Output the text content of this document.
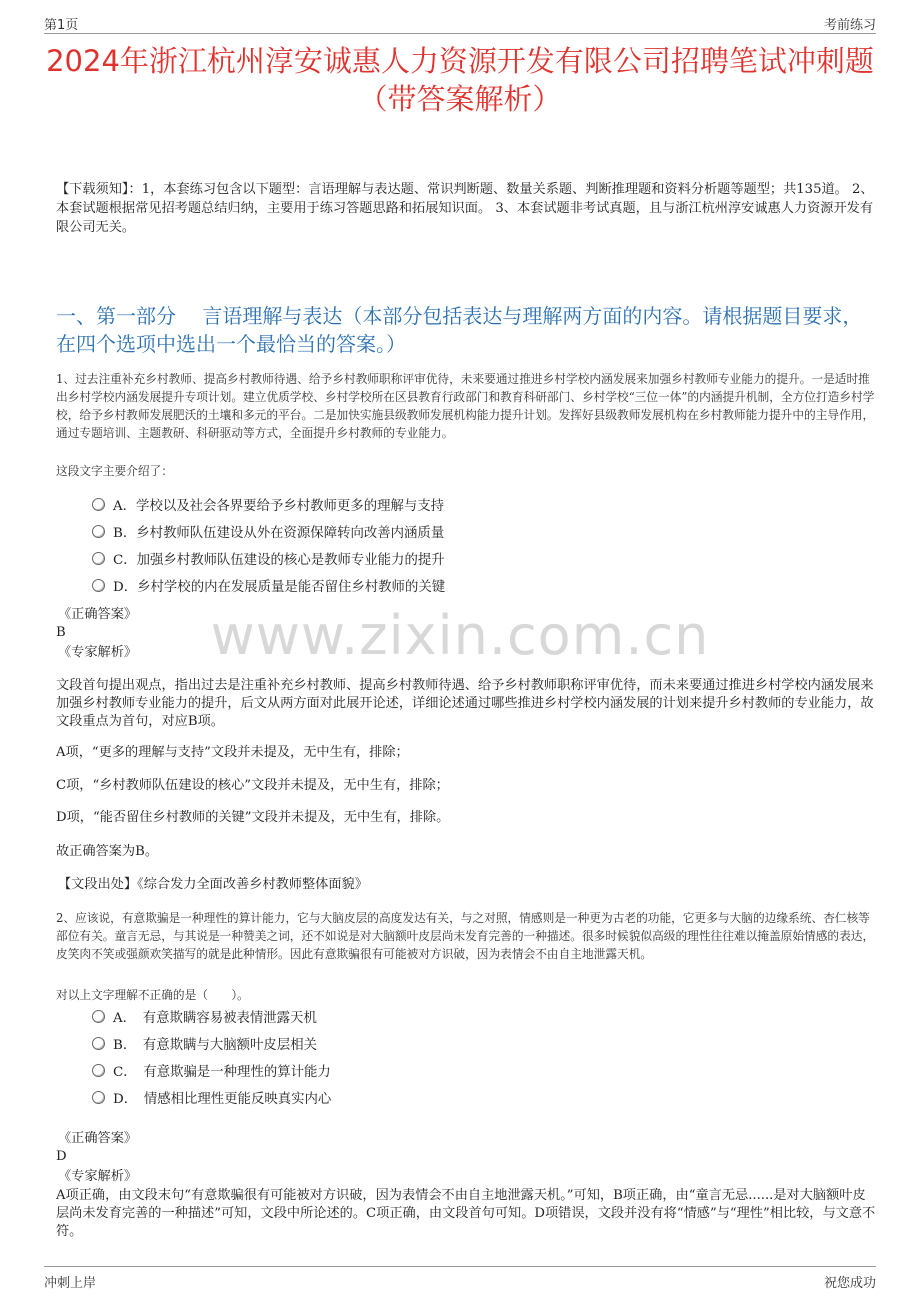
第1页	考前练习
2024年浙江杭州淳安诚惠人力资源开发有限公司招聘笔试冲刺题（带答案解析）
【下载须知】：1，本套练习包含以下题型：言语理解与表达题、常识判断题、数量关系题、判断推理题和资料分析题等题型；共135道。 2、本套试题根据常见招考题总结归纳，主要用于练习答题思路和拓展知识面。 3、本套试题非考试真题，且与浙江杭州淳安诚惠人力资源开发有限公司无关。
一、第一部分　 言语理解与表达（本部分包括表达与理解两方面的内容。请根据题目要求，在四个选项中选出一个最恰当的答案。）
1、过去注重补充乡村教师、提高乡村教师待遇、给予乡村教师职称评审优待，未来要通过推进乡村学校内涵发展来加强乡村教师专业能力的提升。一是适时推出乡村学校内涵发展提升专项计划。建立优质学校、乡村学校所在区县教育行政部门和教育科研部门、乡村学校“三位一体”的内涵提升机制，全方位打造乡村学校，给予乡村教师发展肥沃的土壤和多元的平台。二是加快实施县级教师发展机构能力提升计划。发挥好县级教师发展机构在乡村教师能力提升中的主导作用，通过专题培训、主题教研、科研驱动等方式，全面提升乡村教师的专业能力。
这段文字主要介绍了：
A．学校以及社会各界要给予乡村教师更多的理解与支持
B．乡村教师队伍建设从外在资源保障转向改善内涵质量
C．加强乡村教师队伍建设的核心是教师专业能力的提升
D．乡村学校的内在发展质量是能否留住乡村教师的关键
《正确答案》
B
《专家解析》	www.zixin.com.cn
文段首句提出观点，指出过去是注重补充乡村教师、提高乡村教师待遇、给予乡村教师职称评审优待，而未来要通过推进乡村学校内涵发展来加强乡村教师专业能力的提升，后文从两方面对此展开论述，详细论述通过哪些推进乡村学校内涵发展的计划来提升乡村教师的专业能力，故文段重点为首句，对应B项。
A项，“更多的理解与支持”文段并未提及，无中生有，排除；
C项，“乡村教师队伍建设的核心”文段并未提及，无中生有，排除；
D项，“能否留住乡村教师的关键”文段并未提及，无中生有，排除。
故正确答案为B。
【文段出处】《综合发力全面改善乡村教师整体面貌》
2、应该说，有意欺骗是一种理性的算计能力，它与大脑皮层的高度发达有关，与之对照，情感则是一种更为古老的功能，它更多与大脑的边缘系统、杏仁核等部位有关。童言无忌，与其说是一种赞美之词，还不如说是对大脑额叶皮层尚未发育完善的一种描述。很多时候貌似高级的理性往往难以掩盖原始情感的表达，皮笑肉不笑或强颜欢笑描写的就是此种情形。因此有意欺骗很有可能被对方识破，因为表情会不由自主地泄露天机。
对以上文字理解不正确的是（　　）。
A．　有意欺瞒容易被表情泄露天机
B．　有意欺瞒与大脑额叶皮层相关
C．　有意欺骗是一种理性的算计能力
D．　情感相比理性更能反映真实内心
《正确答案》
D
《专家解析》
A项正确，由文段末句“有意欺骗很有可能被对方识破，因为表情会不由自主地泄露天机。”可知，B项正确，由“童言无忌......是对大脑额叶皮层尚未发育完善的一种描述”可知，文段中所论述的。C项正确，由文段首句可知。D项错误，文段并没有将“情感”与“理性”相比较，与文意不符。
冲刺上岸	祝您成功
